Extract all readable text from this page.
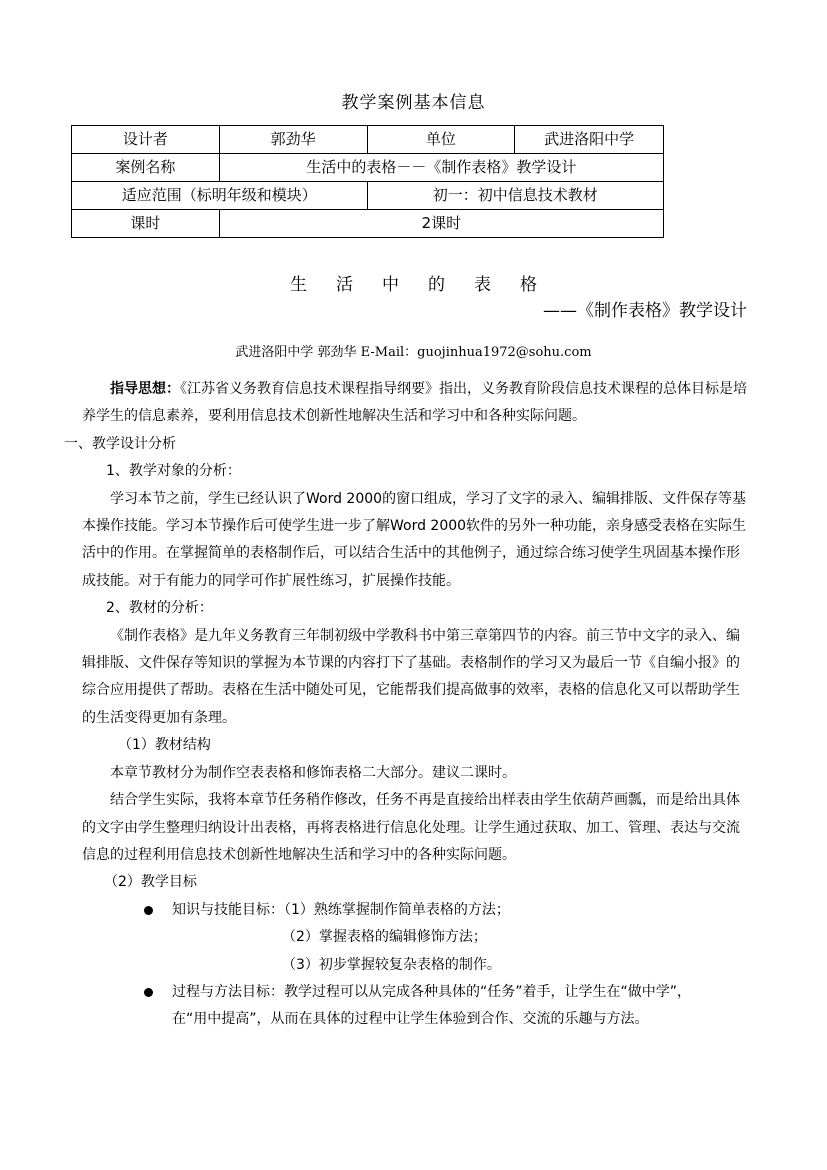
教学案例基本信息
设计者	郭劲华	单位	武进洛阳中学
案例名称	生活中的表格－－《制作表格》教学设计		
适应范围（标明年级和模块）		初一：初中信息技术教材	
课时	2课时		
生活中的表格
——《制作表格》教学设计
武进洛阳中学 郭劲华 E-Mail：guojinhua1972@sohu.com

指导思想：《江苏省义务教育信息技术课程指导纲要》指出，义务教育阶段信息技术课程的总体目标是培养学生的信息素养，要利用信息技术创新性地解决生活和学习中和各种实际问题。

一、教学设计分析

1、教学对象的分析：

学习本节之前，学生已经认识了Word 2000的窗口组成，学习了文字的录入、编辑排版、文件保存等基本操作技能。学习本节操作后可使学生进一步了解Word 2000软件的另外一种功能，亲身感受表格在实际生活中的作用。在掌握简单的表格制作后，可以结合生活中的其他例子，通过综合练习使学生巩固基本操作形成技能。对于有能力的同学可作扩展性练习，扩展操作技能。

2、教材的分析：

《制作表格》是九年义务教育三年制初级中学教科书中第三章第四节的内容。前三节中文字的录入、编辑排版、文件保存等知识的掌握为本节课的内容打下了基础。表格制作的学习又为最后一节《自编小报》的综合应用提供了帮助。表格在生活中随处可见，它能帮我们提高做事的效率，表格的信息化又可以帮助学生的生活变得更加有条理。

（1）教材结构

本章节教材分为制作空表表格和修饰表格二大部分。建议二课时。

结合学生实际，我将本章节任务稍作修改，任务不再是直接给出样表由学生依葫芦画瓢，而是给出具体的文字由学生整理归纳设计出表格，再将表格进行信息化处理。让学生通过获取、加工、管理、表达与交流信息的过程利用信息技术创新性地解决生活和学习中的各种实际问题。

（2）教学目标

知识与技能目标：（1）熟练掌握制作简单表格的方法；

（2）掌握表格的编辑修饰方法；

（3）初步掌握较复杂表格的制作。

过程与方法目标：教学过程可以从完成各种具体的“任务”着手，让学生在“做中学”，

在“用中提高”，从而在具体的过程中让学生体验到合作、交流的乐趣与方法。
